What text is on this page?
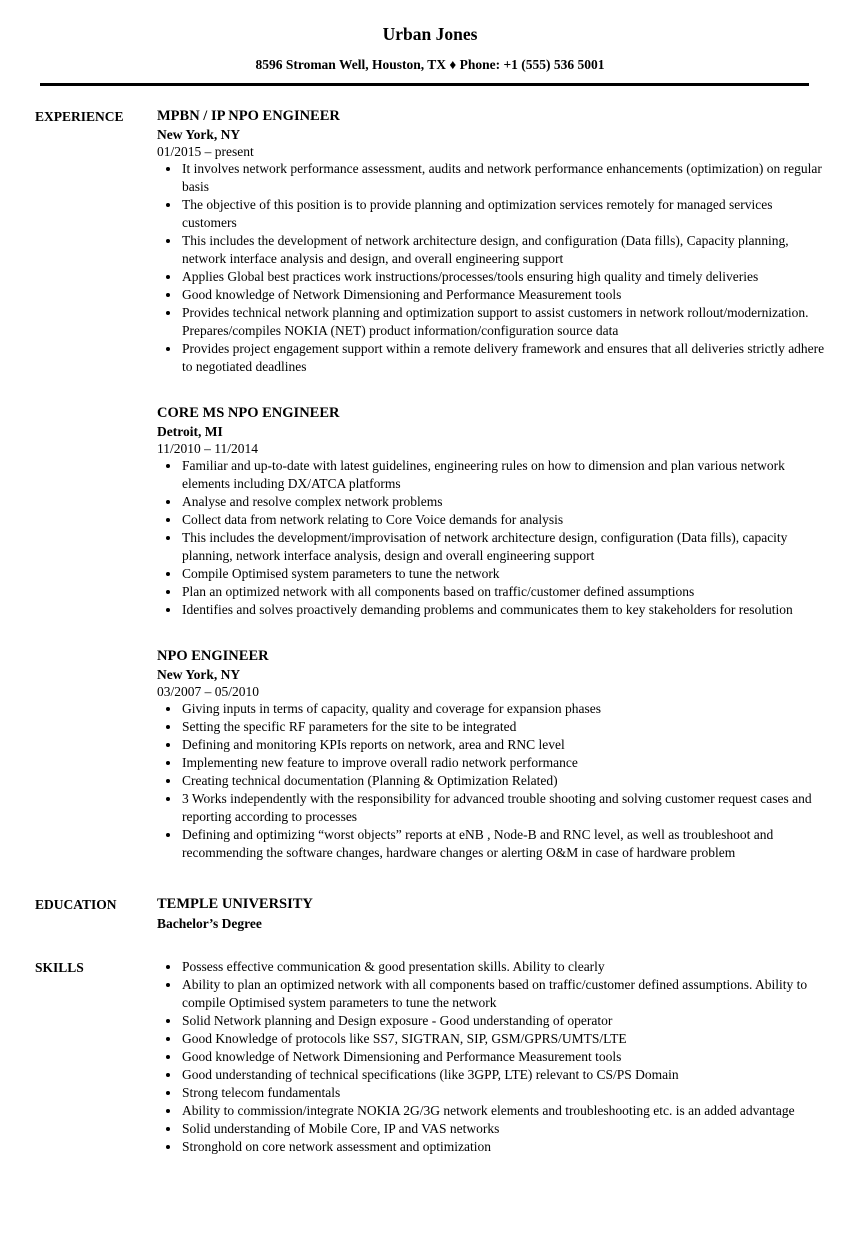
Urban Jones
8596 Stroman Well, Houston, TX ♦ Phone: +1 (555) 536 5001
EXPERIENCE	MPBN / IP NPO ENGINEER
New York, NY
01/2015 – present
• It involves network performance assessment, audits and network performance enhancements (optimization) on regular basis
• The objective of this position is to provide planning and optimization services remotely for managed services customers
• This includes the development of network architecture design, and configuration (Data fills), Capacity planning, network interface analysis and design, and overall engineering support
• Applies Global best practices work instructions/processes/tools ensuring high quality and timely deliveries
• Good knowledge of Network Dimensioning and Performance Measurement tools
• Provides technical network planning and optimization support to assist customers in network rollout/modernization. Prepares/compiles NOKIA (NET) product information/configuration source data
• Provides project engagement support within a remote delivery framework and ensures that all deliveries strictly adhere to negotiated deadlines
CORE MS NPO ENGINEER
Detroit, MI
11/2010 – 11/2014
• Familiar and up-to-date with latest guidelines, engineering rules on how to dimension and plan various network elements including DX/ATCA platforms
• Analyse and resolve complex network problems
• Collect data from network relating to Core Voice demands for analysis
• This includes the development/improvisation of network architecture design, configuration (Data fills), capacity planning, network interface analysis, design and overall engineering support
• Compile Optimised system parameters to tune the network
• Plan an optimized network with all components based on traffic/customer defined assumptions
• Identifies and solves proactively demanding problems and communicates them to key stakeholders for resolution
NPO ENGINEER
New York, NY
03/2007 – 05/2010
• Giving inputs in terms of capacity, quality and coverage for expansion phases
• Setting the specific RF parameters for the site to be integrated
• Defining and monitoring KPIs reports on network, area and RNC level
• Implementing new feature to improve overall radio network performance
• Creating technical documentation (Planning & Optimization Related)
• 3 Works independently with the responsibility for advanced trouble shooting and solving customer request cases and reporting according to processes
• Defining and optimizing “worst objects” reports at eNB , Node-B and RNC level, as well as troubleshoot and recommending the software changes, hardware changes or alerting O&M in case of hardware problem
EDUCATION	TEMPLE UNIVERSITY
Bachelor’s Degree
SKILLS	• Possess effective communication & good presentation skills. Ability to clearly
• Ability to plan an optimized network with all components based on traffic/customer defined assumptions. Ability to compile Optimised system parameters to tune the network
• Solid Network planning and Design exposure - Good understanding of operator
• Good Knowledge of protocols like SS7, SIGTRAN, SIP, GSM/GPRS/UMTS/LTE
• Good knowledge of Network Dimensioning and Performance Measurement tools
• Good understanding of technical specifications (like 3GPP, LTE) relevant to CS/PS Domain
• Strong telecom fundamentals
• Ability to commission/integrate NOKIA 2G/3G network elements and troubleshooting etc. is an added advantage
• Solid understanding of Mobile Core, IP and VAS networks
• Stronghold on core network assessment and optimization
